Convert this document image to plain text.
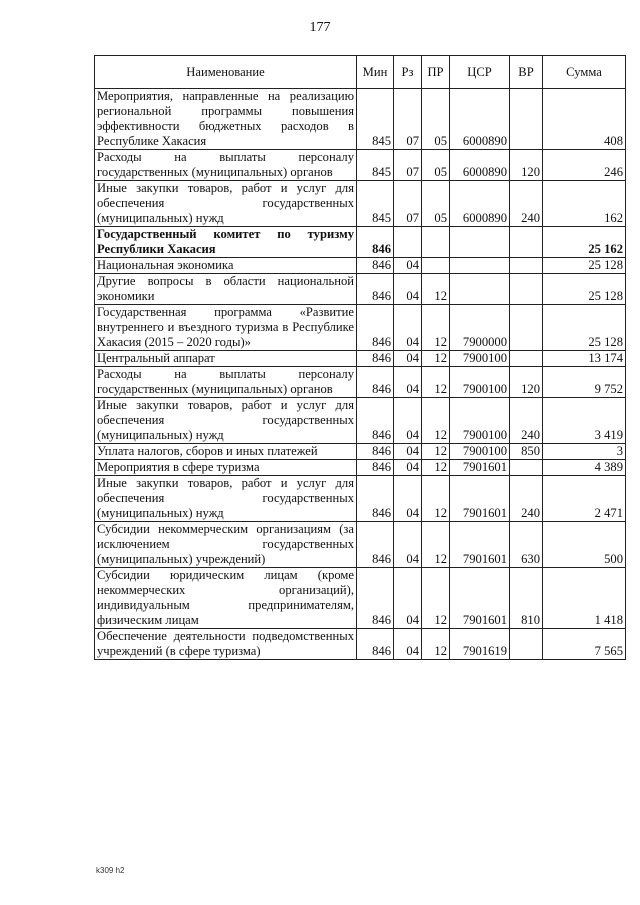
177
Наименование	Мин	Рз	ПР	ЦСР	ВР	Сумма
Мероприятия, направленные на реализацию региональной программы повышения эффективности бюджетных расходов в Республике Хакасия	845	07	05	6000890		408
Расходы на выплаты персоналу государственных (муниципальных) органов	845	07	05	6000890	120	246
Иные закупки товаров, работ и услуг для обеспечения государственных (муниципальных) нужд	845	07	05	6000890	240	162
Государственный комитет по туризму Республики Хакасия	846					25 162
Национальная экономика	846	04				25 128
Другие вопросы в области национальной экономики	846	04	12			25 128
Государственная программа «Развитие внутреннего и въездного туризма в Республике Хакасия (2015 – 2020 годы)»	846	04	12	7900000		25 128
Центральный аппарат	846	04	12	7900100		13 174
Расходы на выплаты персоналу государственных (муниципальных) органов	846	04	12	7900100	120	9 752
Иные закупки товаров, работ и услуг для обеспечения государственных (муниципальных) нужд	846	04	12	7900100	240	3 419
Уплата налогов, сборов и иных платежей	846	04	12	7900100	850	3
Мероприятия в сфере туризма	846	04	12	7901601		4 389
Иные закупки товаров, работ и услуг для обеспечения государственных (муниципальных) нужд	846	04	12	7901601	240	2 471
Субсидии некоммерческим организациям (за исключением государственных (муниципальных) учреждений)	846	04	12	7901601	630	500
Субсидии юридическим лицам (кроме некоммерческих организаций), индивидуальным предпринимателям, физическим лицам	846	04	12	7901601	810	1 418
Обеспечение деятельности подведомственных учреждений (в сфере туризма)	846	04	12	7901619		7 565
k309 h2
